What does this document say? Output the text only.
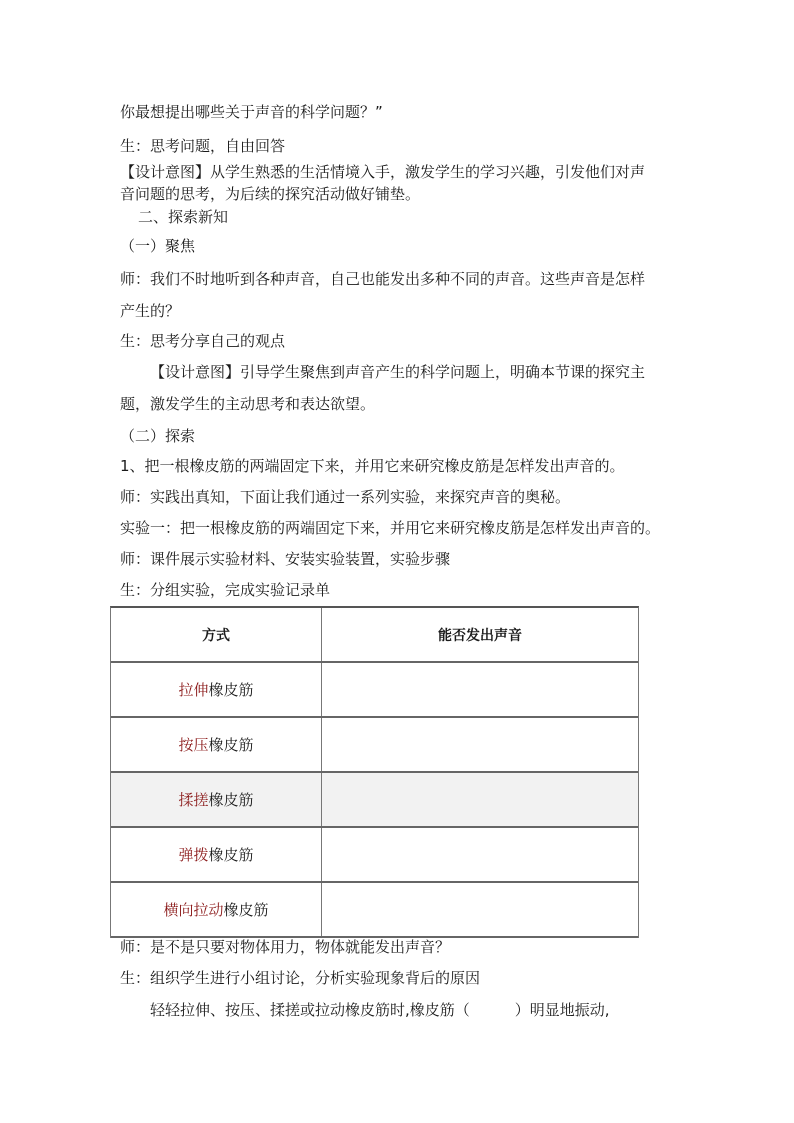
你最想提出哪些关于声音的科学问题？”
生：思考问题，自由回答
【设计意图】从学生熟悉的生活情境入手，激发学生的学习兴趣，引发他们对声
音问题的思考，为后续的探究活动做好铺垫。
二、探索新知
（一）聚焦
师：我们不时地听到各种声音，自己也能发出多种不同的声音。这些声音是怎样
产生的？
生：思考分享自己的观点
【设计意图】引导学生聚焦到声音产生的科学问题上，明确本节课的探究主
题，激发学生的主动思考和表达欲望。
（二）探索
1、把一根橡皮筋的两端固定下来，并用它来研究橡皮筋是怎样发出声音的。
师：实践出真知，下面让我们通过一系列实验，来探究声音的奥秘。
实验一：把一根橡皮筋的两端固定下来，并用它来研究橡皮筋是怎样发出声音的。
师：课件展示实验材料、安装实验装置，实验步骤
生：分组实验，完成实验记录单
方式	能否发出声音
拉伸 橡皮筋
按压 橡皮筋
揉搓 橡皮筋
弹拨 橡皮筋
横向拉动 橡皮筋
师：是不是只要对物体用力，物体就能发出声音？
生：组织学生进行小组讨论，分析实验现象背后的原因
轻轻拉伸、按压、揉搓或拉动橡皮筋时,橡皮筋（　　　）明显地振动,
